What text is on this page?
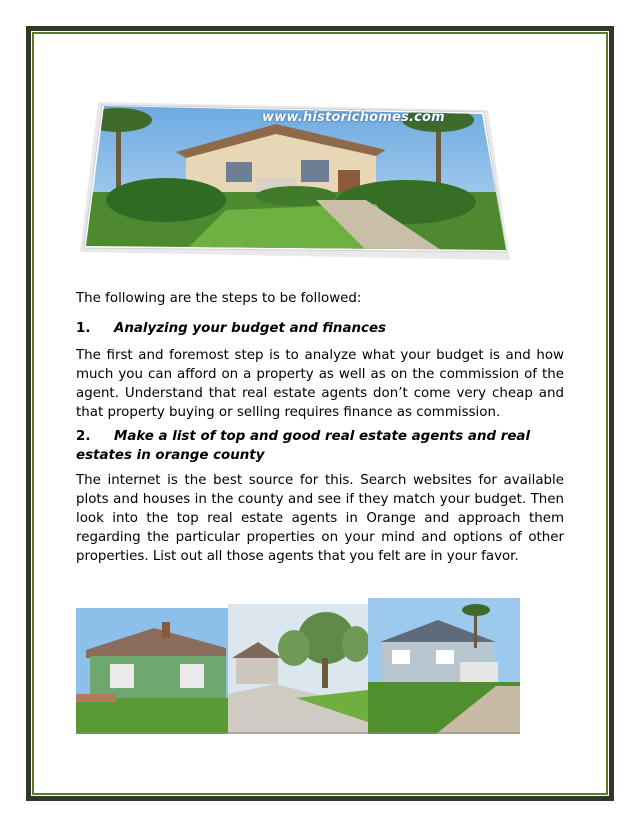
www.historichomes.com

The following are the steps to be followed:

1. Analyzing your budget and finances

The first and foremost step is to analyze what your budget is and how much you can afford on a property as well as on the commission of the agent. Understand that real estate agents don’t come very cheap and that property buying or selling requires finance as commission.

2. Make a list of top and good real estate agents and real estates in orange county

The internet is the best source for this. Search websites for available plots and houses in the county and see if they match your budget. Then look into the top real estate agents in Orange and approach them regarding the particular properties on your mind and options of other properties. List out all those agents that you felt are in your favor.
